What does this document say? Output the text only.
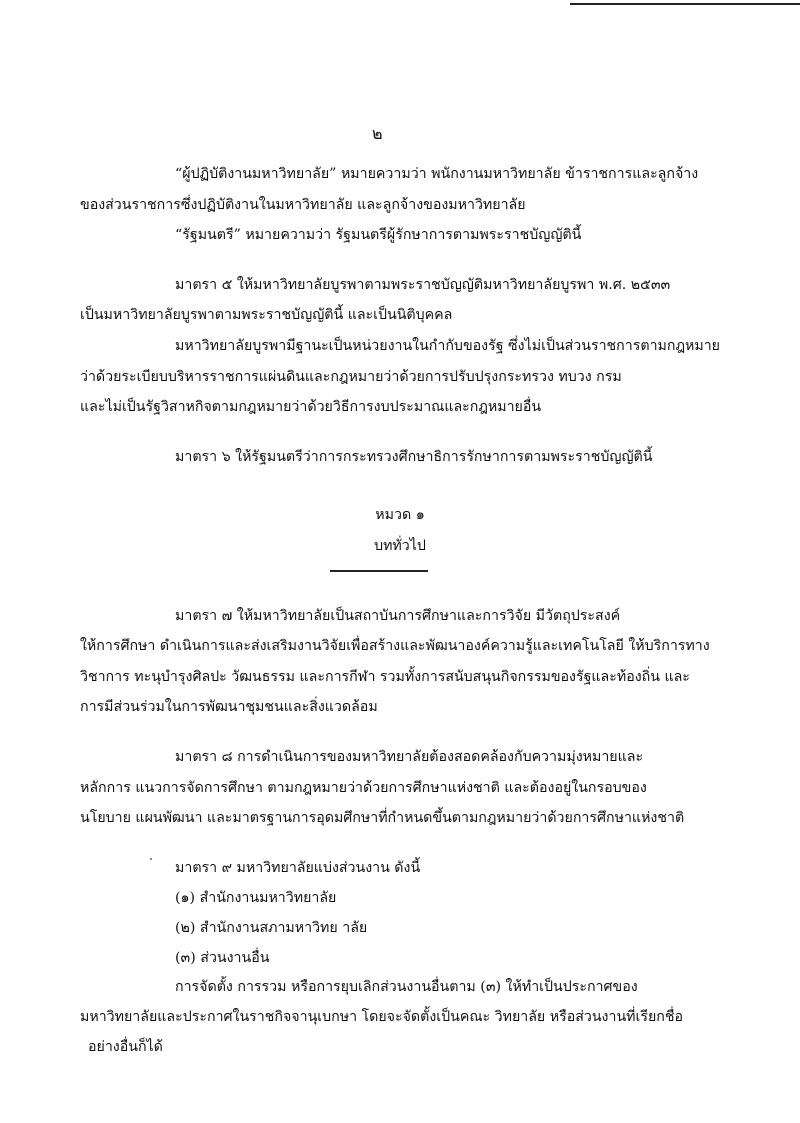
๒
“ผู้ปฏิบัติงานมหาวิทยาลัย” หมายความว่า พนักงานมหาวิทยาลัย ข้าราชการและลูกจ้าง
ของส่วนราชการซึ่งปฏิบัติงานในมหาวิทยาลัย และลูกจ้างของมหาวิทยาลัย
“รัฐมนตรี” หมายความว่า รัฐมนตรีผู้รักษาการตามพระราชบัญญัตินี้
มาตรา ๕ ให้มหาวิทยาลัยบูรพาตามพระราชบัญญัติมหาวิทยาลัยบูรพา พ.ศ. ๒๕๓๓
เป็นมหาวิทยาลัยบูรพาตามพระราชบัญญัตินี้ และเป็นนิติบุคคล
มหาวิทยาลัยบูรพามีฐานะเป็นหน่วยงานในกำกับของรัฐ ซึ่งไม่เป็นส่วนราชการตามกฎหมาย
ว่าด้วยระเบียบบริหารราชการแผ่นดินและกฎหมายว่าด้วยการปรับปรุงกระทรวง ทบวง กรม
และไม่เป็นรัฐวิสาหกิจตามกฎหมายว่าด้วยวิธีการงบประมาณและกฎหมายอื่น
มาตรา ๖ ให้รัฐมนตรีว่าการกระทรวงศึกษาธิการรักษาการตามพระราชบัญญัตินี้
หมวด ๑
บททั่วไป
มาตรา ๗ ให้มหาวิทยาลัยเป็นสถาบันการศึกษาและการวิจัย มีวัตถุประสงค์
ให้การศึกษา ดำเนินการและส่งเสริมงานวิจัยเพื่อสร้างและพัฒนาองค์ความรู้และเทคโนโลยี ให้บริการทาง
วิชาการ ทะนุบำรุงศิลปะ วัฒนธรรม และการกีฬา รวมทั้งการสนับสนุนกิจกรรมของรัฐและท้องถิ่น และ
การมีส่วนร่วมในการพัฒนาชุมชนและสิ่งแวดล้อม
มาตรา ๘ การดำเนินการของมหาวิทยาลัยต้องสอดคล้องกับความมุ่งหมายและ
หลักการ แนวการจัดการศึกษา ตามกฎหมายว่าด้วยการศึกษาแห่งชาติ และต้องอยู่ในกรอบของ
นโยบาย แผนพัฒนา และมาตรฐานการอุดมศึกษาที่กำหนดขึ้นตามกฎหมายว่าด้วยการศึกษาแห่งชาติ
มาตรา ๙ มหาวิทยาลัยแบ่งส่วนงาน ดังนี้
(๑) สำนักงานมหาวิทยาลัย
(๒) สำนักงานสภามหาวิทย าลัย
(๓) ส่วนงานอื่น
การจัดตั้ง การรวม หรือการยุบเลิกส่วนงานอื่นตาม (๓) ให้ทำเป็นประกาศของ
มหาวิทยาลัยและประกาศในราชกิจจานุเบกษา โดยจะจัดตั้งเป็นคณะ วิทยาลัย หรือส่วนงานที่เรียกชื่อ
อย่างอื่นก็ได้
